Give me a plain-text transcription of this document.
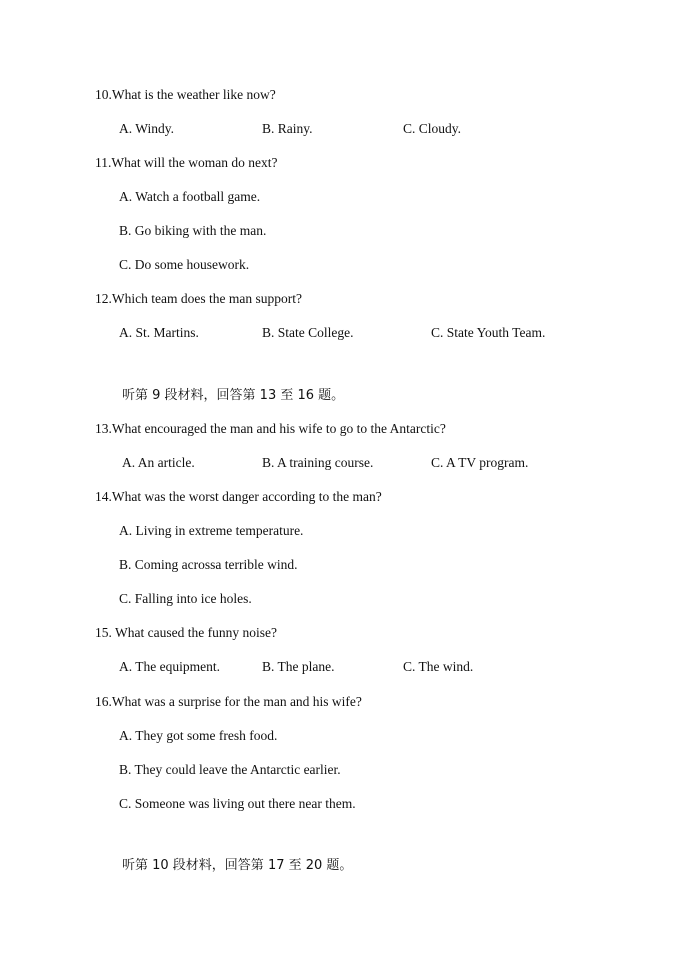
10.What is the weather like now?
A. Windy.	B. Rainy.	C. Cloudy.
11.What will the woman do next?
A. Watch a football game.
B. Go biking with the man.
C. Do some housework.
12.Which team does the man support?
A. St. Martins.	B. State College.	C. State Youth Team.
听第 9 段材料，回答第 13 至 16 题。
13.What encouraged the man and his wife to go to the Antarctic?
A. An article.	B. A training course.	C. A TV program.
14.What was the worst danger according to the man?
A. Living in extreme temperature.
B. Coming acrossa terrible wind.
C. Falling into ice holes.
15. What caused the funny noise?
A. The equipment.	B. The plane.	C. The wind.
16.What was a surprise for the man and his wife?
A. They got some fresh food.
B. They could leave the Antarctic earlier.
C. Someone was living out there near them.
听第 10 段材料，回答第 17 至 20 题。
